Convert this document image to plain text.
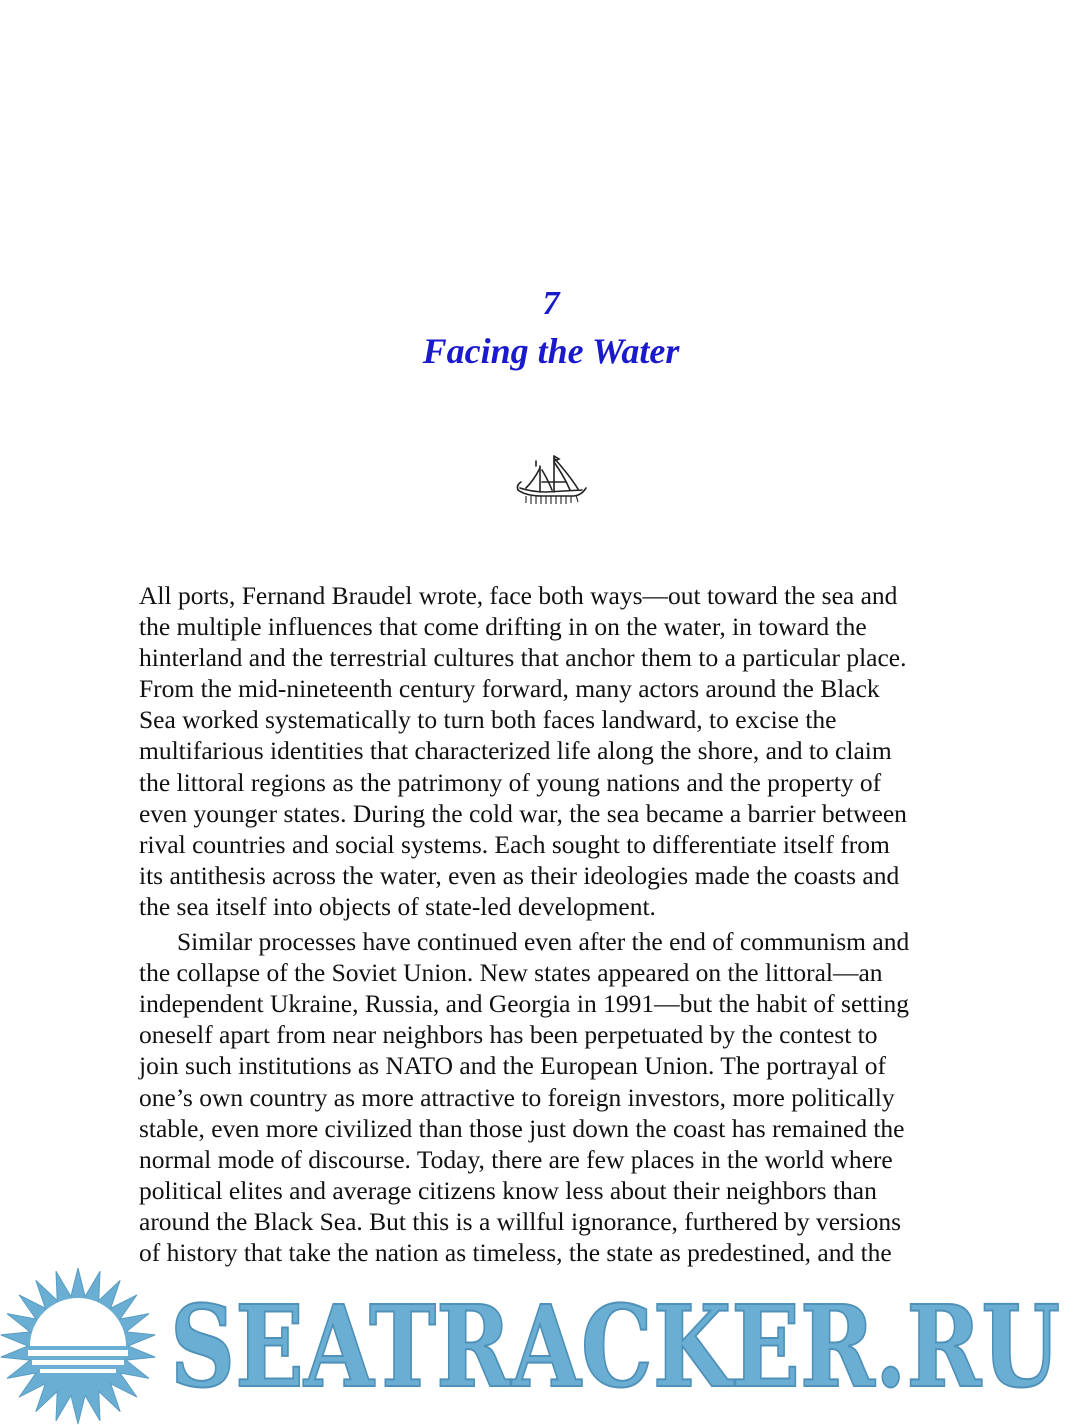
7
Facing the Water

All ports, Fernand Braudel wrote, face both ways—out toward the sea and
the multiple influences that come drifting in on the water, in toward the
hinterland and the terrestrial cultures that anchor them to a particular place.
From the mid-nineteenth century forward, many actors around the Black
Sea worked systematically to turn both faces landward, to excise the
multifarious identities that characterized life along the shore, and to claim
the littoral regions as the patrimony of young nations and the property of
even younger states. During the cold war, the sea became a barrier between
rival countries and social systems. Each sought to differentiate itself from
its antithesis across the water, even as their ideologies made the coasts and
the sea itself into objects of state-led development.

Similar processes have continued even after the end of communism and
the collapse of the Soviet Union. New states appeared on the littoral—an
independent Ukraine, Russia, and Georgia in 1991—but the habit of setting
oneself apart from near neighbors has been perpetuated by the contest to
join such institutions as NATO and the European Union. The portrayal of
one’s own country as more attractive to foreign investors, more politically
stable, even more civilized than those just down the coast has remained the
normal mode of discourse. Today, there are few places in the world where
political elites and average citizens know less about their neighbors than
around the Black Sea. But this is a willful ignorance, furthered by versions
of history that take the nation as timeless, the state as predestined, and the

SEATRACKER.RU
